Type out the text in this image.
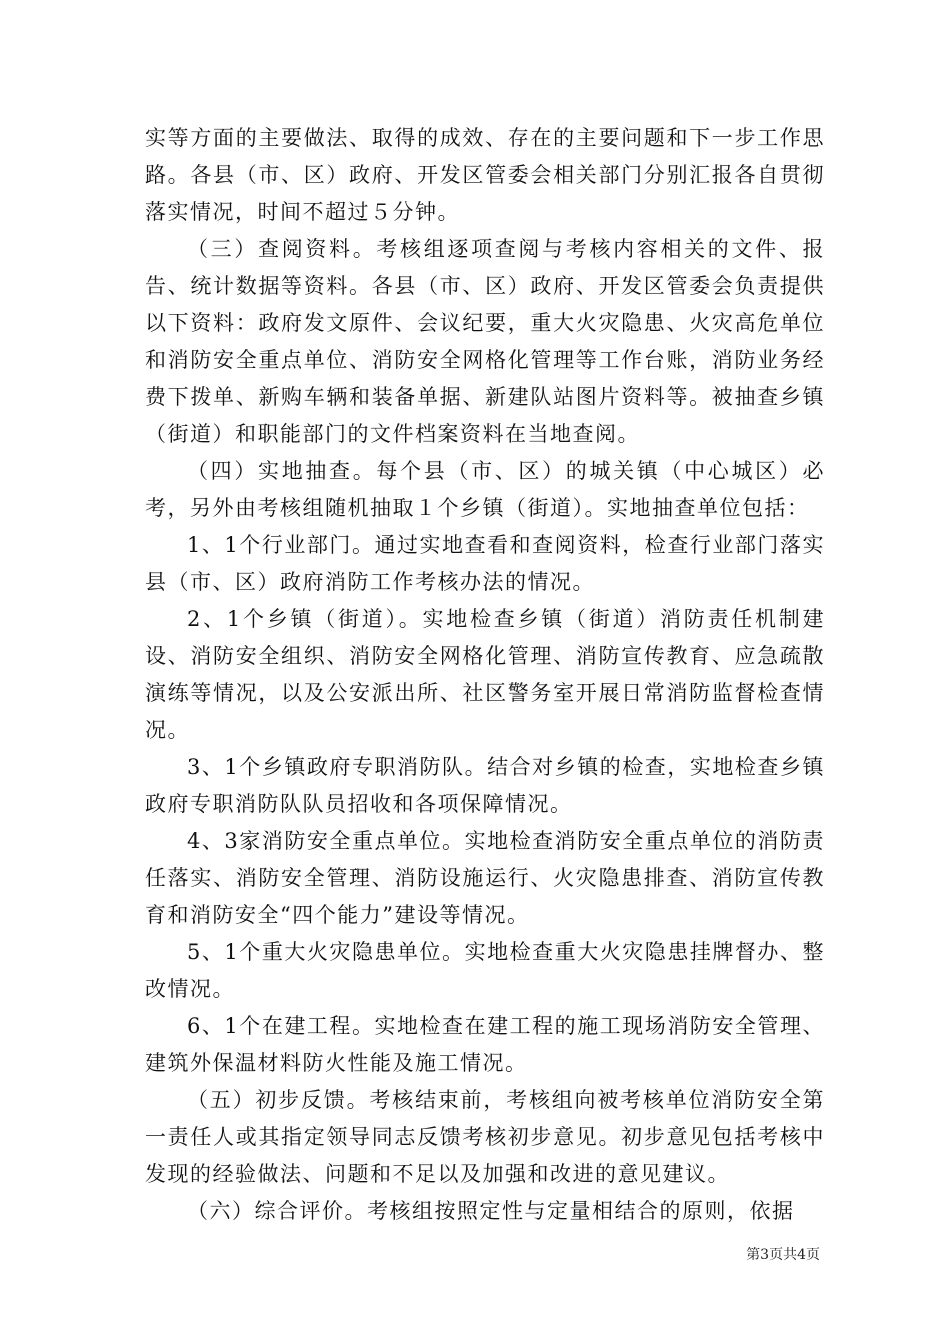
实等方面的主要做法、取得的成效、存在的主要问题和下一步工作思路。各县（市、区）政府、开发区管委会相关部门分别汇报各自贯彻落实情况，时间不超过５分钟。

（三）查阅资料。考核组逐项查阅与考核内容相关的文件、报告、统计数据等资料。各县（市、区）政府、开发区管委会负责提供以下资料：政府发文原件、会议纪要，重大火灾隐患、火灾高危单位和消防安全重点单位、消防安全网格化管理等工作台账，消防业务经费下拨单、新购车辆和装备单据、新建队站图片资料等。被抽查乡镇（街道）和职能部门的文件档案资料在当地查阅。

（四）实地抽查。每个县（市、区）的城关镇（中心城区）必考，另外由考核组随机抽取１个乡镇（街道）。实地抽查单位包括：

1、1个行业部门。通过实地查看和查阅资料，检查行业部门落实县（市、区）政府消防工作考核办法的情况。

2、1个乡镇（街道）。实地检查乡镇（街道）消防责任机制建设、消防安全组织、消防安全网格化管理、消防宣传教育、应急疏散演练等情况，以及公安派出所、社区警务室开展日常消防监督检查情况。

3、1个乡镇政府专职消防队。结合对乡镇的检查，实地检查乡镇政府专职消防队队员招收和各项保障情况。

4、3家消防安全重点单位。实地检查消防安全重点单位的消防责任落实、消防安全管理、消防设施运行、火灾隐患排查、消防宣传教育和消防安全“四个能力”建设等情况。

5、1个重大火灾隐患单位。实地检查重大火灾隐患挂牌督办、整改情况。

6、1个在建工程。实地检查在建工程的施工现场消防安全管理、建筑外保温材料防火性能及施工情况。

（五）初步反馈。考核结束前，考核组向被考核单位消防安全第一责任人或其指定领导同志反馈考核初步意见。初步意见包括考核中发现的经验做法、问题和不足以及加强和改进的意见建议。

（六）综合评价。考核组按照定性与定量相结合的原则，依据

第3页共4页
